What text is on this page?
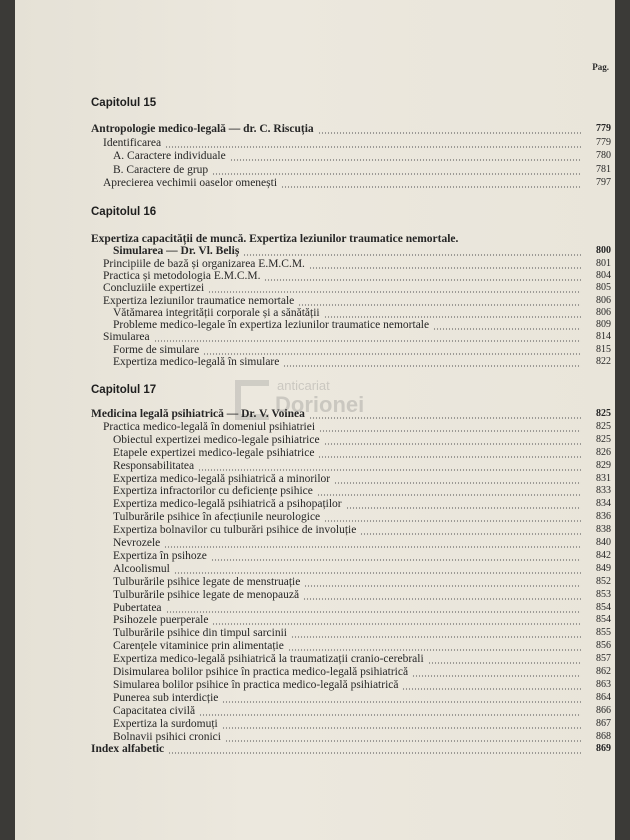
Pag.
anticariat
Dorionei
Capitolul 15
Capitolul 16
Capitolul 17
Antropologie medico-legală — dr. C. Riscuția	779
Identificarea	779
A. Caractere individuale	780
B. Caractere de grup	781
Aprecierea vechimii oaselor omenești	797
Expertiza capacității de muncă. Expertiza leziunilor traumatice nemortale.
Simularea — Dr. Vl. Beliș	800
Principiile de bază și organizarea E.M.C.M.	801
Practica și metodologia E.M.C.M.	804
Concluziile expertizei	805
Expertiza leziunilor traumatice nemortale	806
Vătămarea integrității corporale și a sănătății	806
Probleme medico-legale în expertiza leziunilor traumatice nemortale	809
Simularea	814
Forme de simulare	815
Expertiza medico-legală în simulare	822
Medicina legală psihiatrică — Dr. V. Voinea	825
Practica medico-legală în domeniul psihiatriei	825
Obiectul expertizei medico-legale psihiatrice	825
Etapele expertizei medico-legale psihiatrice	826
Responsabilitatea	829
Expertiza medico-legală psihiatrică a minorilor	831
Expertiza infractorilor cu deficiențe psihice	833
Expertiza medico-legală psihiatrică a psihopaților	834
Tulburările psihice în afecțiunile neurologice	836
Expertiza bolnavilor cu tulburări psihice de involuție	838
Nevrozele	840
Expertiza în psihoze	842
Alcoolismul	849
Tulburările psihice legate de menstruație	852
Tulburările psihice legate de menopauză	853
Pubertatea	854
Psihozele puerperale	854
Tulburările psihice din timpul sarcinii	855
Carențele vitaminice prin alimentație	856
Expertiza medico-legală psihiatrică la traumatizații cranio-cerebrali	857
Disimularea bolilor psihice în practica medico-legală psihiatrică	862
Simularea bolilor psihice în practica medico-legală psihiatrică	863
Punerea sub interdicție	864
Capacitatea civilă	866
Expertiza la surdomuți	867
Bolnavii psihici cronici	868
Index alfabetic	869
